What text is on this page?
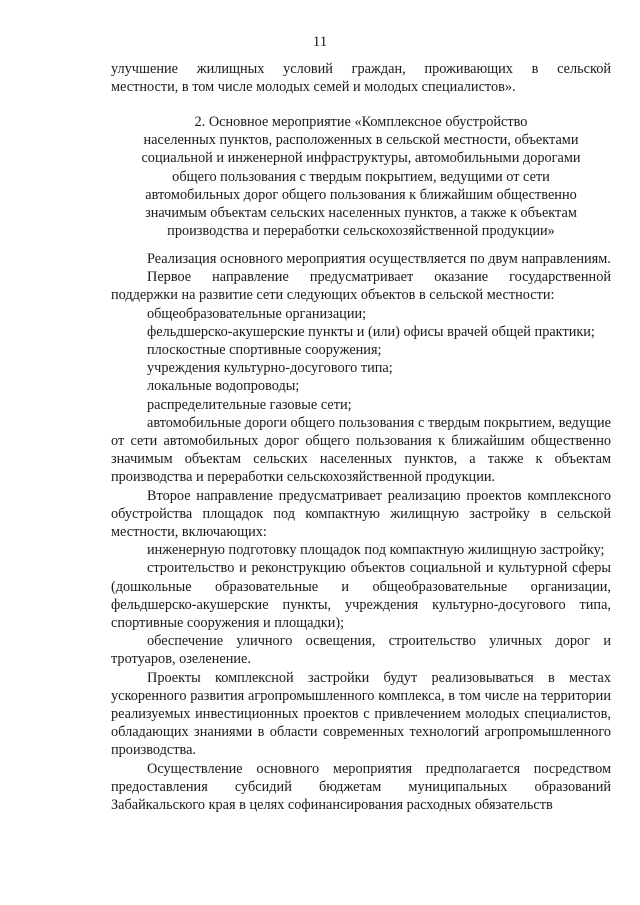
11

улучшение жилищных условий граждан, проживающих в сельской

местности, в том числе молодых семей и молодых специалистов».

2. Основное мероприятие «Комплексное обустройство

населенных пунктов, расположенных в сельской местности, объектами

социальной и инженерной инфраструктуры, автомобильными дорогами

общего пользования с твердым покрытием, ведущими от сети

автомобильных дорог общего пользования к ближайшим общественно

значимым объектам сельских населенных пунктов, а также к объектам

производства и переработки сельскохозяйственной продукции»

Реализация основного мероприятия осуществляется по двум направлениям.

Первое направление предусматривает оказание государственной поддержки на развитие сети следующих объектов в сельской местности:

общеобразовательные организации;

фельдшерско-акушерские пункты и (или) офисы врачей общей практики;

плоскостные спортивные сооружения;

учреждения культурно-досугового типа;

локальные водопроводы;

распределительные газовые сети;

автомобильные дороги общего пользования с твердым покрытием, ведущие от сети автомобильных дорог общего пользования к ближайшим общественно значимым объектам сельских населенных пунктов, а также к объектам производства и переработки сельскохозяйственной продукции.

Второе направление предусматривает реализацию проектов комплексного обустройства площадок под компактную жилищную застройку в сельской местности, включающих:

инженерную подготовку площадок под компактную жилищную застройку;

строительство и реконструкцию объектов социальной и культурной сферы (дошкольные образовательные и общеобразовательные организации, фельдшерско-акушерские пункты, учреждения культурно-досугового типа, спортивные сооружения и площадки);

обеспечение уличного освещения, строительство уличных дорог и тротуаров, озеленение.

Проекты комплексной застройки будут реализовываться в местах ускоренного развития агропромышленного комплекса, в том числе на территории реализуемых инвестиционных проектов с привлечением молодых специалистов, обладающих знаниями в области современных технологий агропромышленного производства.

Осуществление основного мероприятия предполагается посредством предоставления субсидий бюджетам муниципальных образований Забайкальского края в целях софинансирования расходных обязательств
